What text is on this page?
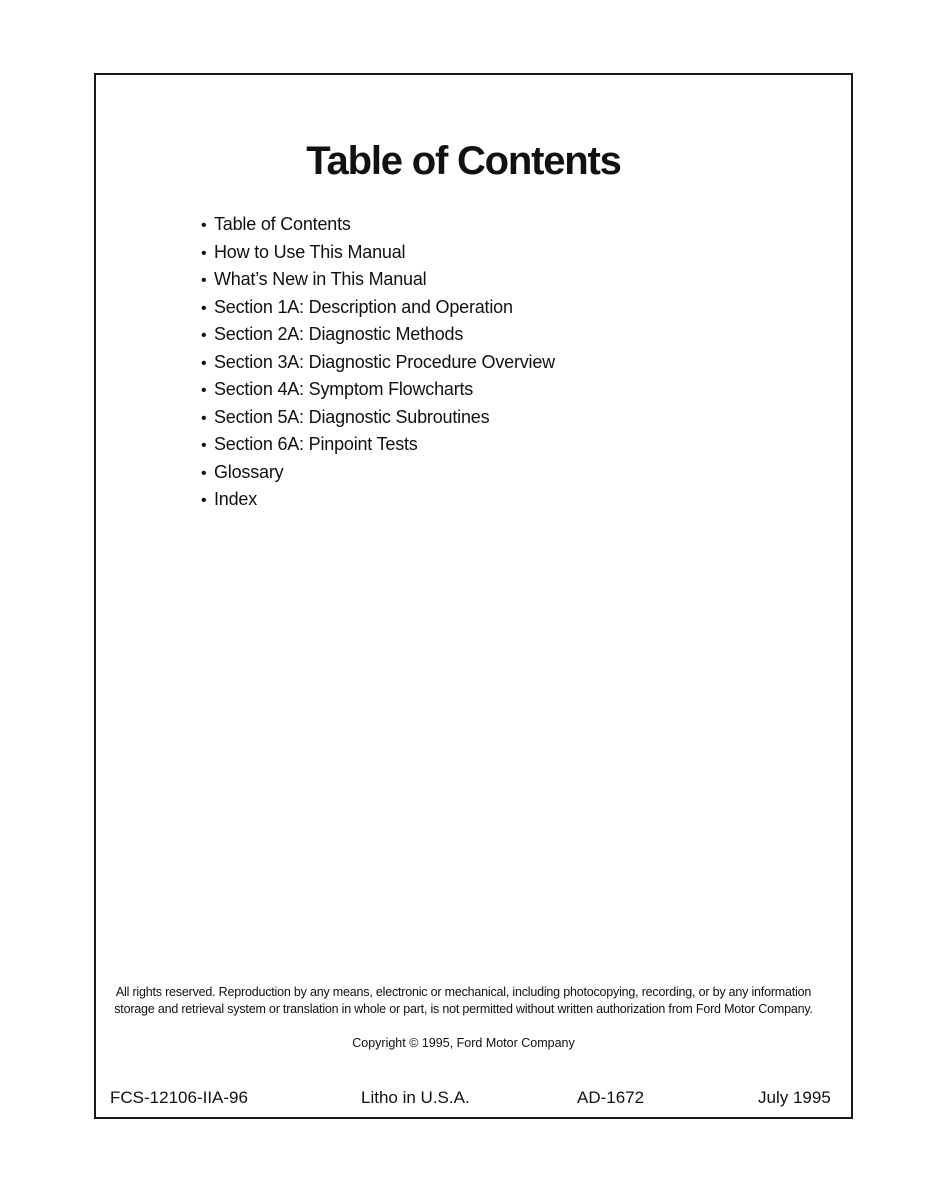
Table of Contents
• Table of Contents
• How to Use This Manual
• What’s New in This Manual
• Section 1A: Description and Operation
• Section 2A: Diagnostic Methods
• Section 3A: Diagnostic Procedure Overview
• Section 4A: Symptom Flowcharts
• Section 5A: Diagnostic Subroutines
• Section 6A: Pinpoint Tests
• Glossary
• Index
All rights reserved. Reproduction by any means, electronic or mechanical, including photocopying, recording, or by any information storage and retrieval system or translation in whole or part, is not permitted without written authorization from Ford Motor Company.
Copyright © 1995, Ford Motor Company
FCS-12106-IIA-96	Litho in U.S.A.	AD-1672	July 1995
